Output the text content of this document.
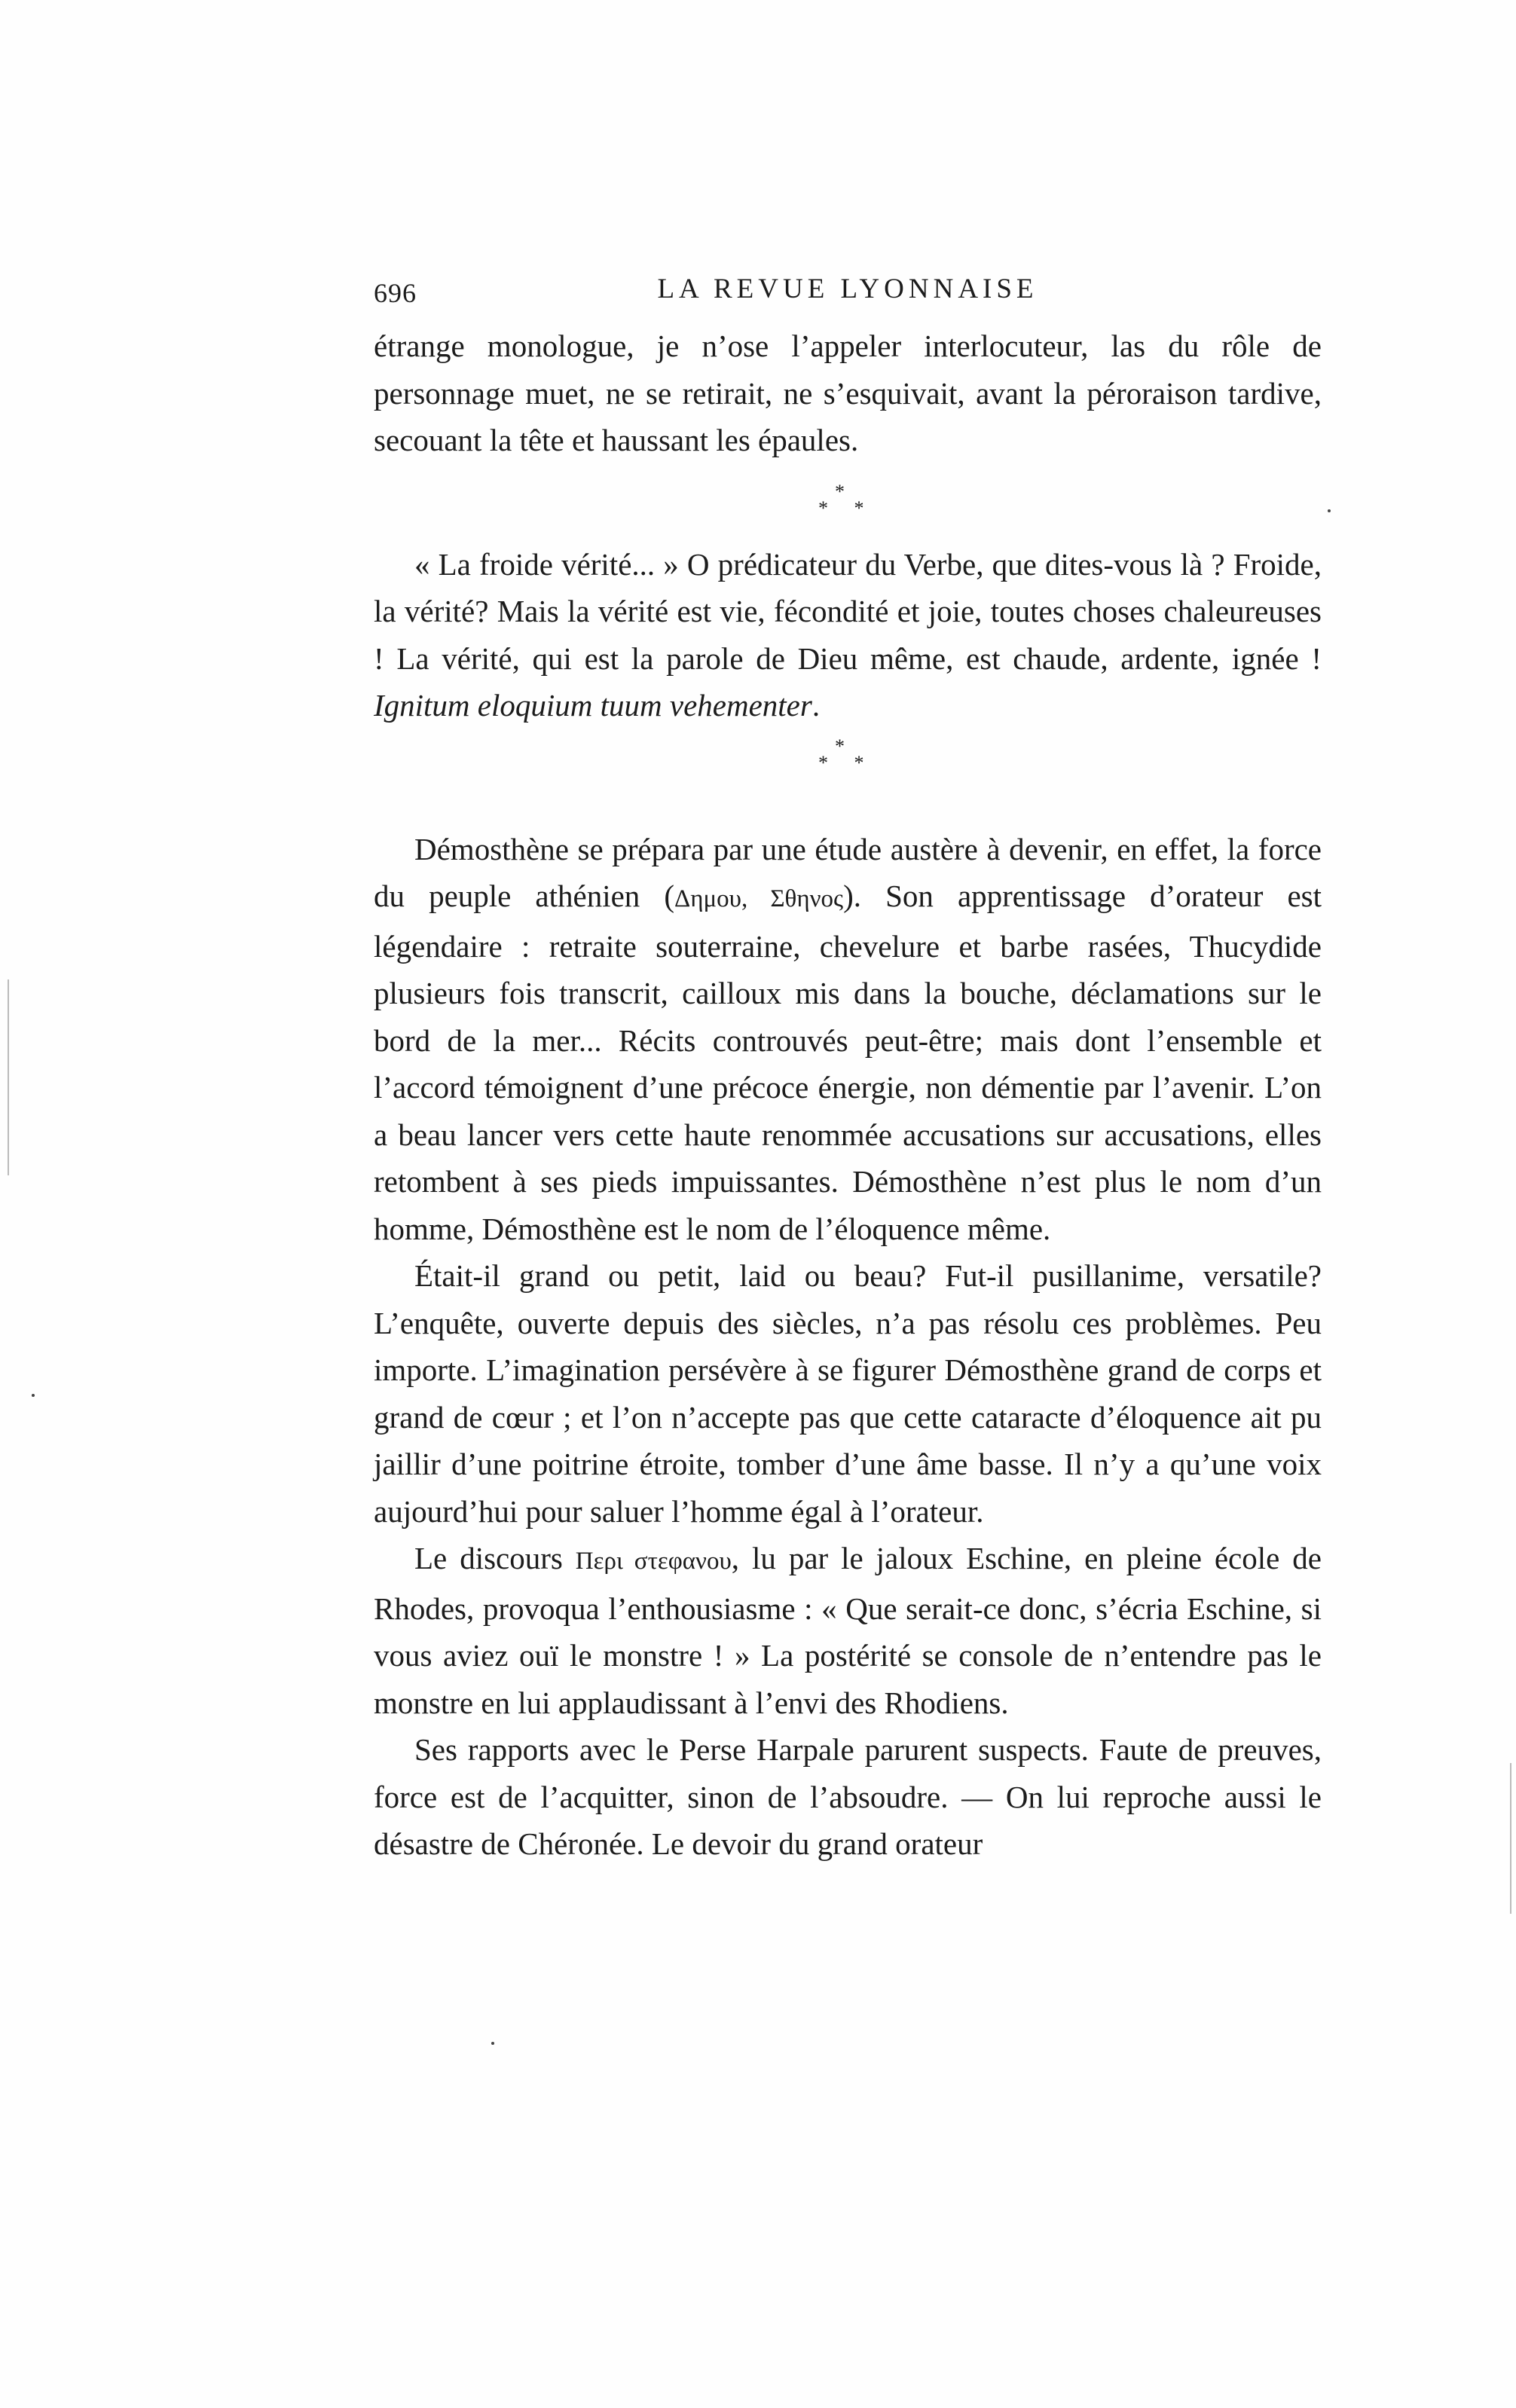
696	LA REVUE LYONNAISE

étrange monologue, je n’ose l’appeler interlocuteur, las du rôle de personnage muet, ne se retirait, ne s’esquivait, avant la péroraison tardive, secouant la tête et haussant les épaules.

*
* *

« La froide vérité... » O prédicateur du Verbe, que dites-vous là ? Froide, la vérité? Mais la vérité est vie, fécondité et joie, toutes choses chaleureuses ! La vérité, qui est la parole de Dieu même, est chaude, ardente, ignée ! Ignitum eloquium tuum vehementer.

*
* *

Démosthène se prépara par une étude austère à devenir, en effet, la force du peuple athénien (Δημου, Σθηνος). Son apprentissage d’orateur est légendaire : retraite souterraine, chevelure et barbe rasées, Thucydide plusieurs fois transcrit, cailloux mis dans la bouche, déclamations sur le bord de la mer... Récits controuvés peut-être; mais dont l’ensemble et l’accord témoignent d’une précoce énergie, non démentie par l’avenir. L’on a beau lancer vers cette haute renommée accusations sur accusations, elles retombent à ses pieds impuissantes. Démosthène n’est plus le nom d’un homme, Démosthène est le nom de l’éloquence même.

Était-il grand ou petit, laid ou beau? Fut-il pusillanime, versatile? L’enquête, ouverte depuis des siècles, n’a pas résolu ces problèmes. Peu importe. L’imagination persévère à se figurer Démosthène grand de corps et grand de cœur ; et l’on n’accepte pas que cette cataracte d’éloquence ait pu jaillir d’une poitrine étroite, tomber d’une âme basse. Il n’y a qu’une voix aujourd’hui pour saluer l’homme égal à l’orateur.

Le discours Περι στεφανου, lu par le jaloux Eschine, en pleine école de Rhodes, provoqua l’enthousiasme : « Que serait-ce donc, s’écria Eschine, si vous aviez ouï le monstre ! » La postérité se console de n’entendre pas le monstre en lui applaudissant à l’envi des Rhodiens.

Ses rapports avec le Perse Harpale parurent suspects. Faute de preuves, force est de l’acquitter, sinon de l’absoudre. — On lui reproche aussi le désastre de Chéronée. Le devoir du grand orateur
